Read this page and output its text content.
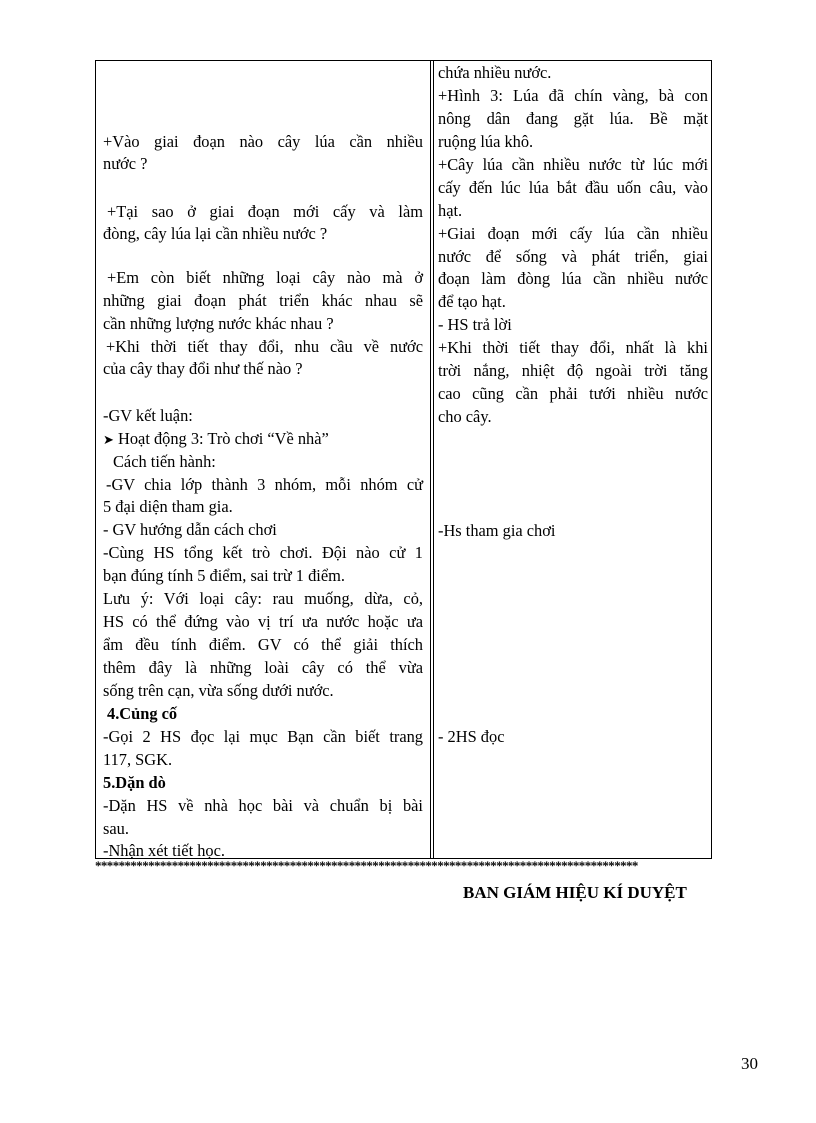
+Vào giai đoạn nào cây lúa cần nhiều
nước ?
+Tại sao ở giai đoạn mới cấy và làm
đòng, cây lúa lại cần nhiều nước ?
+Em còn biết những loại cây nào mà ở
những giai đoạn phát triển khác nhau sẽ
cần những lượng nước khác nhau ?
+Khi thời tiết thay đổi, nhu cầu về nước
của cây thay đổi như thế nào ?
-GV kết luận:
➤ Hoạt động 3: Trò chơi “Về nhà”
Cách tiến hành:
-GV chia lớp thành 3 nhóm, mỗi nhóm cử
5 đại diện tham gia.
- GV hướng dẫn cách chơi
-Cùng HS tổng kết trò chơi. Đội nào cử 1
bạn đúng tính 5 điểm, sai trừ 1 điểm.
Lưu ý: Với loại cây: rau muống, dừa, cỏ,
HS có thể đứng vào vị trí ưa nước hoặc ưa
ẩm đều tính điểm. GV có thể giải thích
thêm đây là những loài cây có thể vừa
sống trên cạn, vừa sống dưới nước.
4.Củng cố
-Gọi 2 HS đọc lại mục Bạn cần biết trang
117, SGK.
5.Dặn dò
-Dặn HS về nhà học bài và chuẩn bị bài
sau.
-Nhận xét tiết học.
chứa nhiều nước.
+Hình 3: Lúa đã chín vàng, bà con
nông dân đang gặt lúa. Bề mặt
ruộng lúa khô.
+Cây lúa cần nhiều nước từ lúc mới
cấy đến lúc lúa bắt đầu uốn câu, vào
hạt.
+Giai đoạn mới cấy lúa cần nhiều
nước để sống và phát triển, giai
đoạn làm đòng lúa cần nhiều nước
để tạo hạt.
- HS trả lời
+Khi thời tiết thay đổi, nhất là khi
trời nắng, nhiệt độ ngoài trời tăng
cao cũng cần phải tưới nhiều nước
cho cây.
-Hs tham gia chơi
- 2HS đọc
********************************************************************************************
BAN GIÁM HIỆU KÍ DUYỆT
30
